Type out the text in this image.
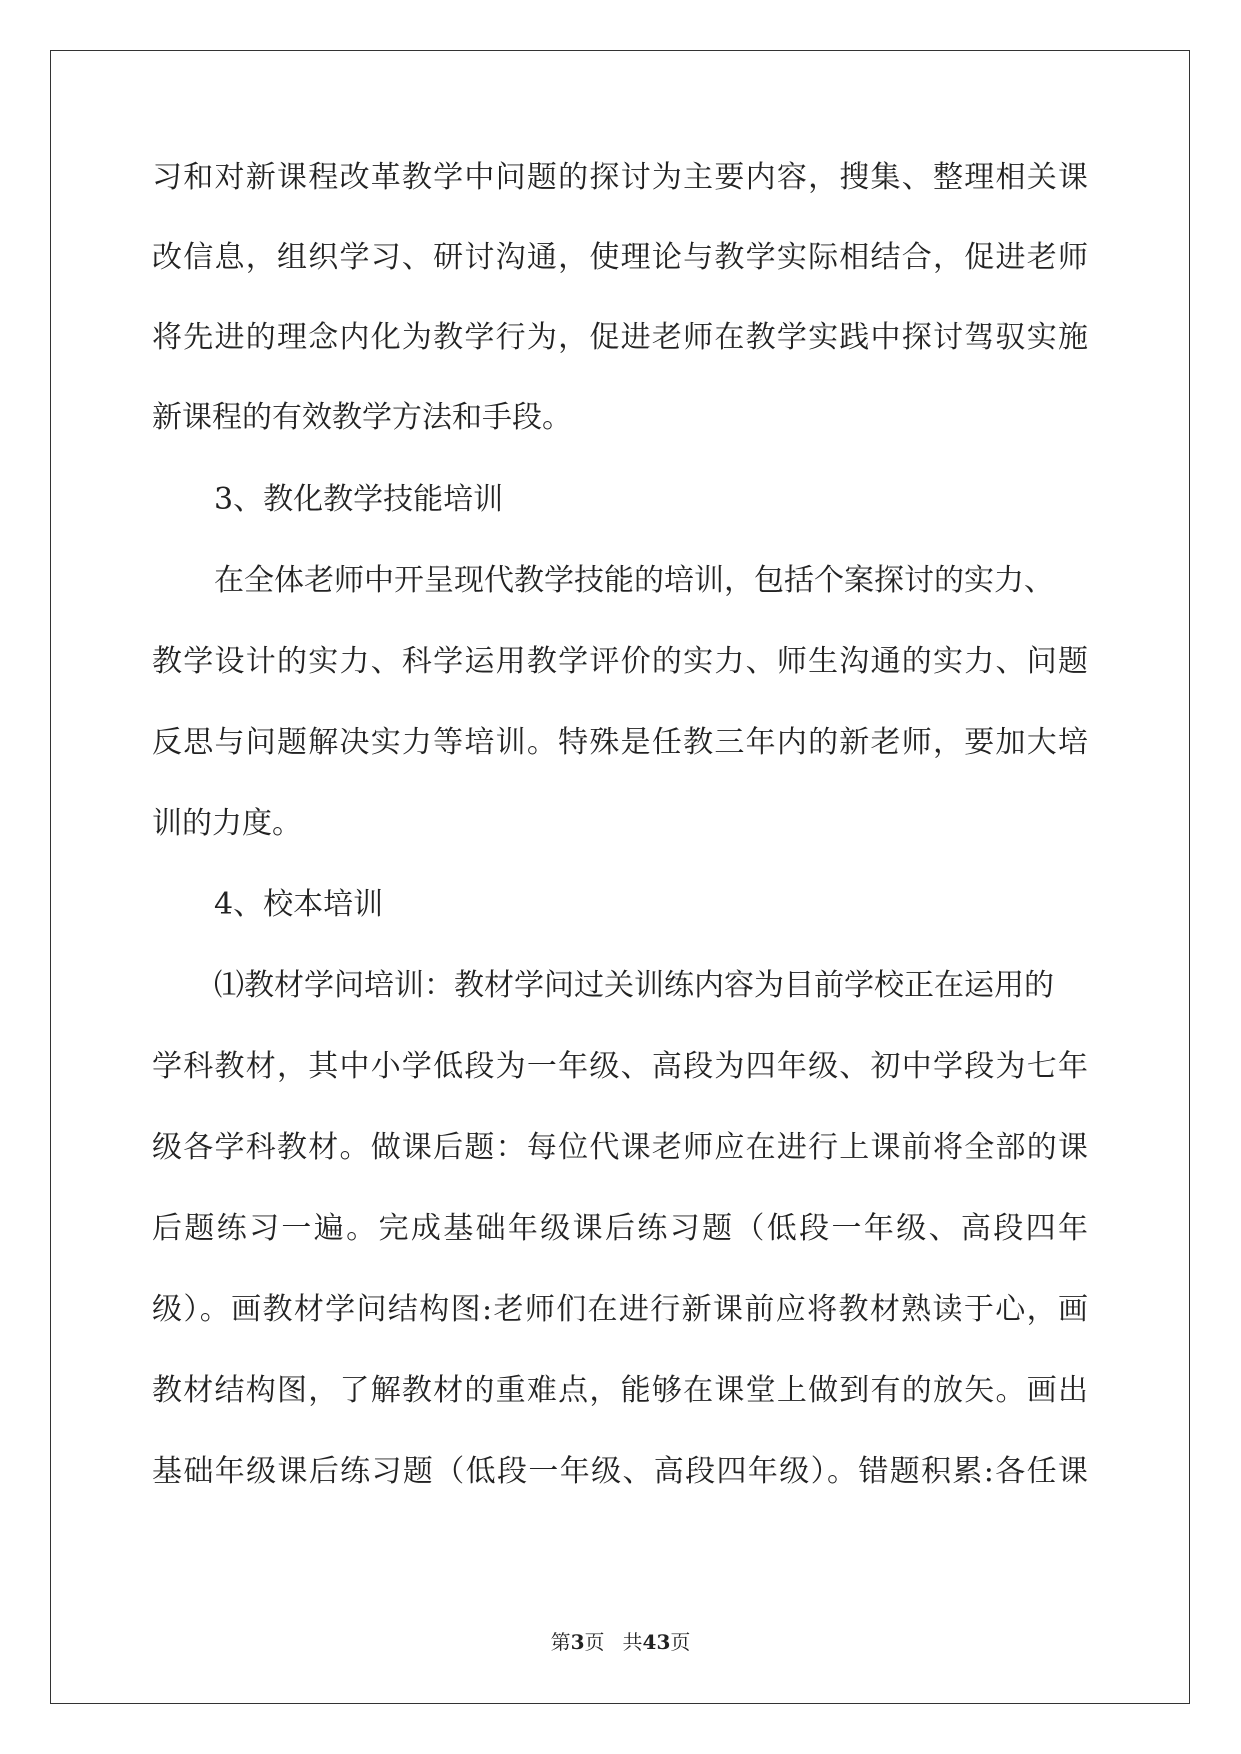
习和对新课程改革教学中问题的探讨为主要内容，搜集、整理相关课
改信息，组织学习、研讨沟通，使理论与教学实际相结合，促进老师
将先进的理念内化为教学行为，促进老师在教学实践中探讨驾驭实施
新课程的有效教学方法和手段。
3、教化教学技能培训
在全体老师中开呈现代教学技能的培训，包括个案探讨的实力、
教学设计的实力、科学运用教学评价的实力、师生沟通的实力、问题
反思与问题解决实力等培训。特殊是任教三年内的新老师，要加大培
训的力度。
4、校本培训
⑴教材学问培训：教材学问过关训练内容为目前学校正在运用的
学科教材，其中小学低段为一年级、高段为四年级、初中学段为七年
级各学科教材。做课后题：每位代课老师应在进行上课前将全部的课
后题练习一遍。完成基础年级课后练习题（低段一年级、高段四年
级）。画教材学问结构图:老师们在进行新课前应将教材熟读于心，画
教材结构图，了解教材的重难点，能够在课堂上做到有的放矢。画出
基础年级课后练习题（低段一年级、高段四年级）。错题积累:各任课
第3页 共43页
